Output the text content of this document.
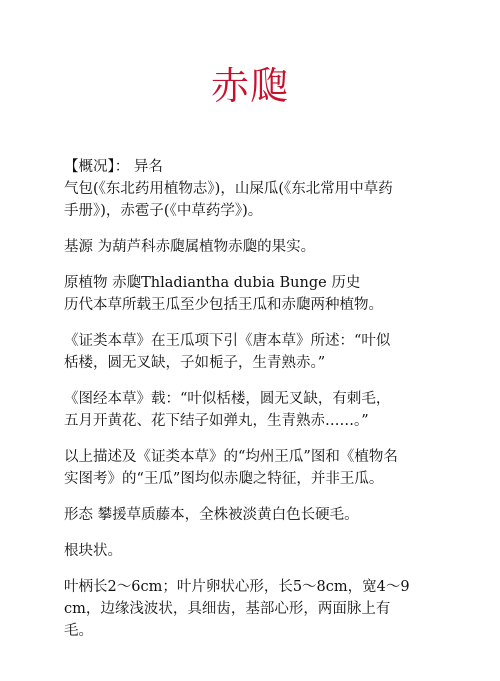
赤瓟
【概况】： 异名
气包(《东北药用植物志》)，山屎瓜(《东北常用中草药
手册》)，赤雹子(《中草药学》)。
基源 为葫芦科赤瓟属植物赤瓟的果实。
原植物 赤瓟Thladiantha dubia Bunge 历史
历代本草所载王瓜至少包括王瓜和赤瓟两种植物。
《证类本草》在王瓜项下引《唐本草》所述：“叶似
栝楼，圆无叉缺，子如栀子，生青熟赤。”
《图经本草》载：“叶似栝楼，圆无叉缺，有刺毛，
五月开黄花、花下结子如弹丸，生青熟赤……。”
以上描述及《证类本草》的“均州王瓜”图和《植物名
实图考》的“王瓜”图均似赤瓟之特征，并非王瓜。
形态 攀援草质藤本，全株被淡黄白色长硬毛。
根块状。
叶柄长2～6cm；叶片卵状心形，长5～8cm，宽4～9
cm，边缘浅波状，具细齿，基部心形，两面脉上有
毛。
